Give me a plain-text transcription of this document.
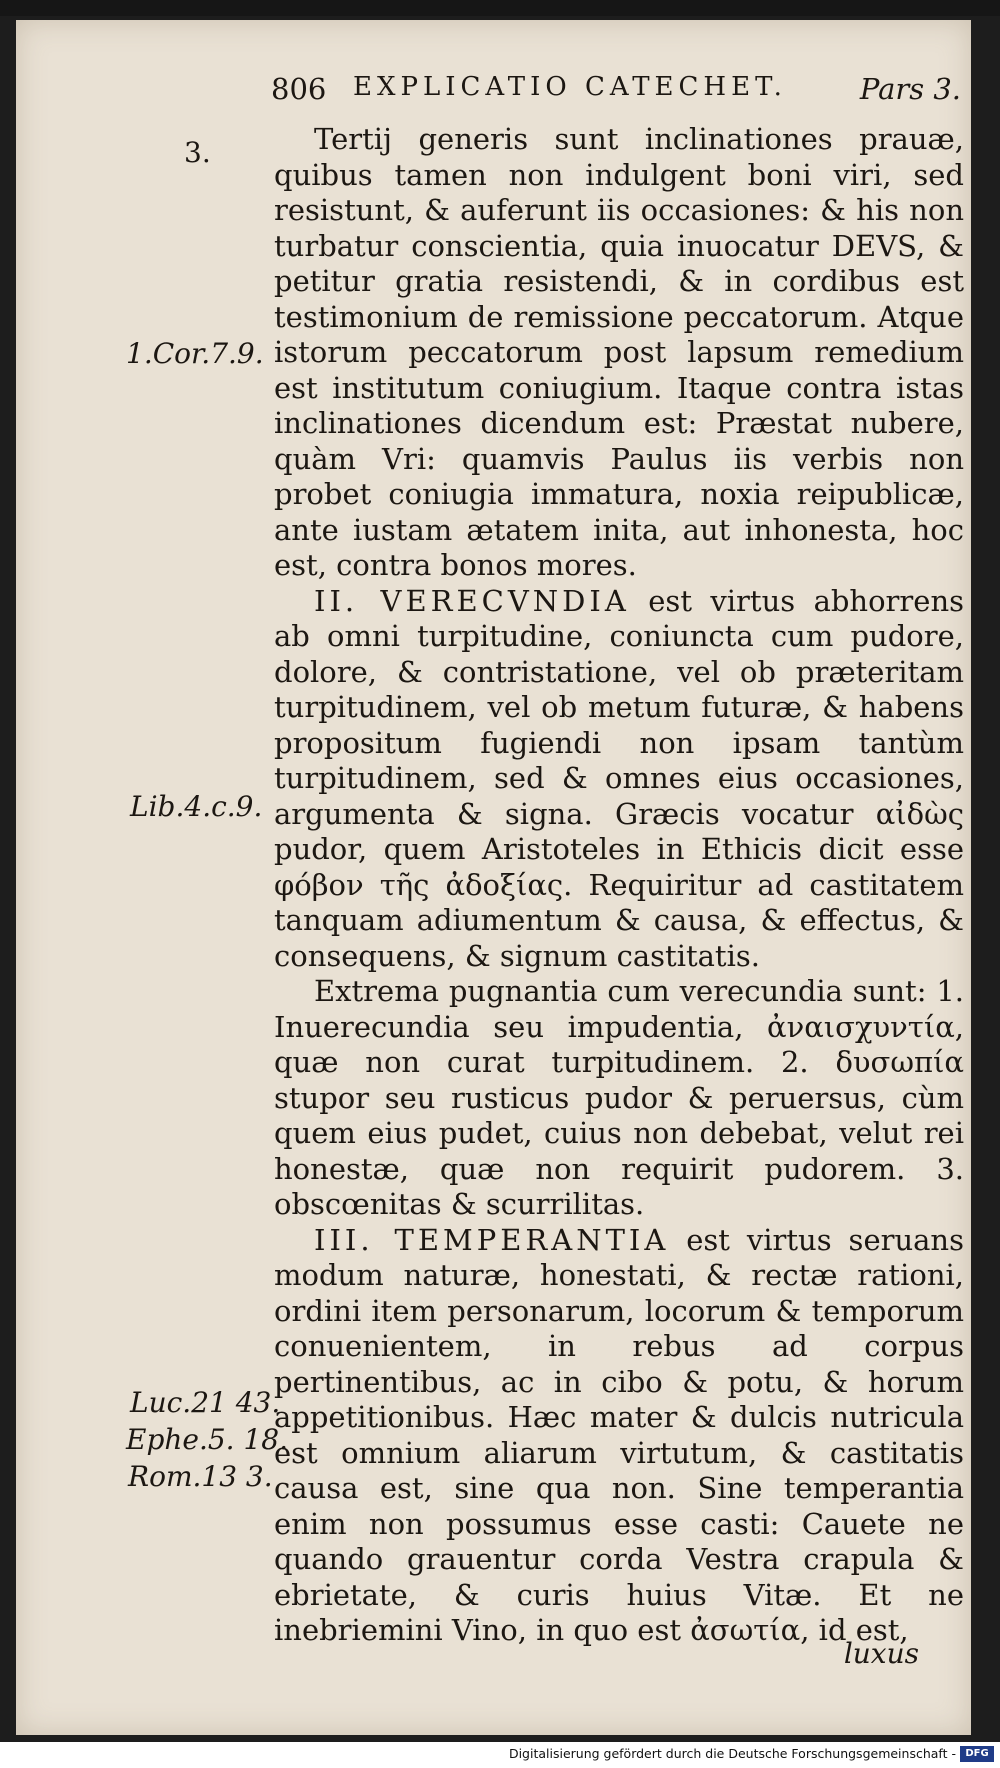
806 EXPLICATIO CATECHET.	Pars 3.
3.
1.Cor.7.9.
Lib.4.c.9.
Luc.21 43.
Ephe.5. 18.
Rom.13 3.

Tertij generis sunt inclinationes prauæ, quibus tamen non indulgent boni viri, sed resistunt, & auferunt iis occasiones: & his non turbatur conscientia, quia inuocatur DEVS, & petitur gratia resistendi, & in cordibus est testimonium de remissione peccatorum. Atque istorum peccatorum post lapsum remedium est institutum coniugium. Itaque contra istas inclinationes dicendum est: Præstat nubere, quàm Vri: quamvis Paulus iis verbis non probet coniugia immatura, noxia reipublicæ, ante iustam ætatem inita, aut inhonesta, hoc est, contra bonos mores.

II. VERECVNDIA est virtus abhorrens ab omni turpitudine, coniuncta cum pudore, dolore, & contristatione, vel ob præteritam turpitudinem, vel ob metum futuræ, & habens propositum fugiendi non ipsam tantùm turpitudinem, sed & omnes eius occasiones, argumenta & signa. Græcis vocatur αἰδὼς pudor, quem Aristoteles in Ethicis dicit esse φόβον τῆς ἀδοξίας. Requiritur ad castitatem tanquam adiumentum & causa, & effectus, & consequens, & signum castitatis.

Extrema pugnantia cum verecundia sunt: 1. Inuerecundia seu impudentia, ἀναισχυντία, quæ non curat turpitudinem. 2. δυσωπία stupor seu rusticus pudor & peruersus, cùm quem eius pudet, cuius non debebat, velut rei honestæ, quæ non requirit pudorem. 3. obscœnitas & scurrilitas.

III. TEMPERANTIA est virtus seruans modum naturæ, honestati, & rectæ rationi, ordini item personarum, locorum & temporum conuenientem, in rebus ad corpus pertinentibus, ac in cibo & potu, & horum appetitionibus. Hæc mater & dulcis nutricula est omnium aliarum virtutum, & castitatis causa est, sine qua non. Sine temperantia enim non possumus esse casti: Cauete ne quando grauentur corda Vestra crapula & ebrietate, & curis huius Vitæ. Et ne inebriemini Vino, in quo est ἀσωτία, id est,

luxus
Digitalisierung gefördert durch die Deutsche Forschungsgemeinschaft - DFG
